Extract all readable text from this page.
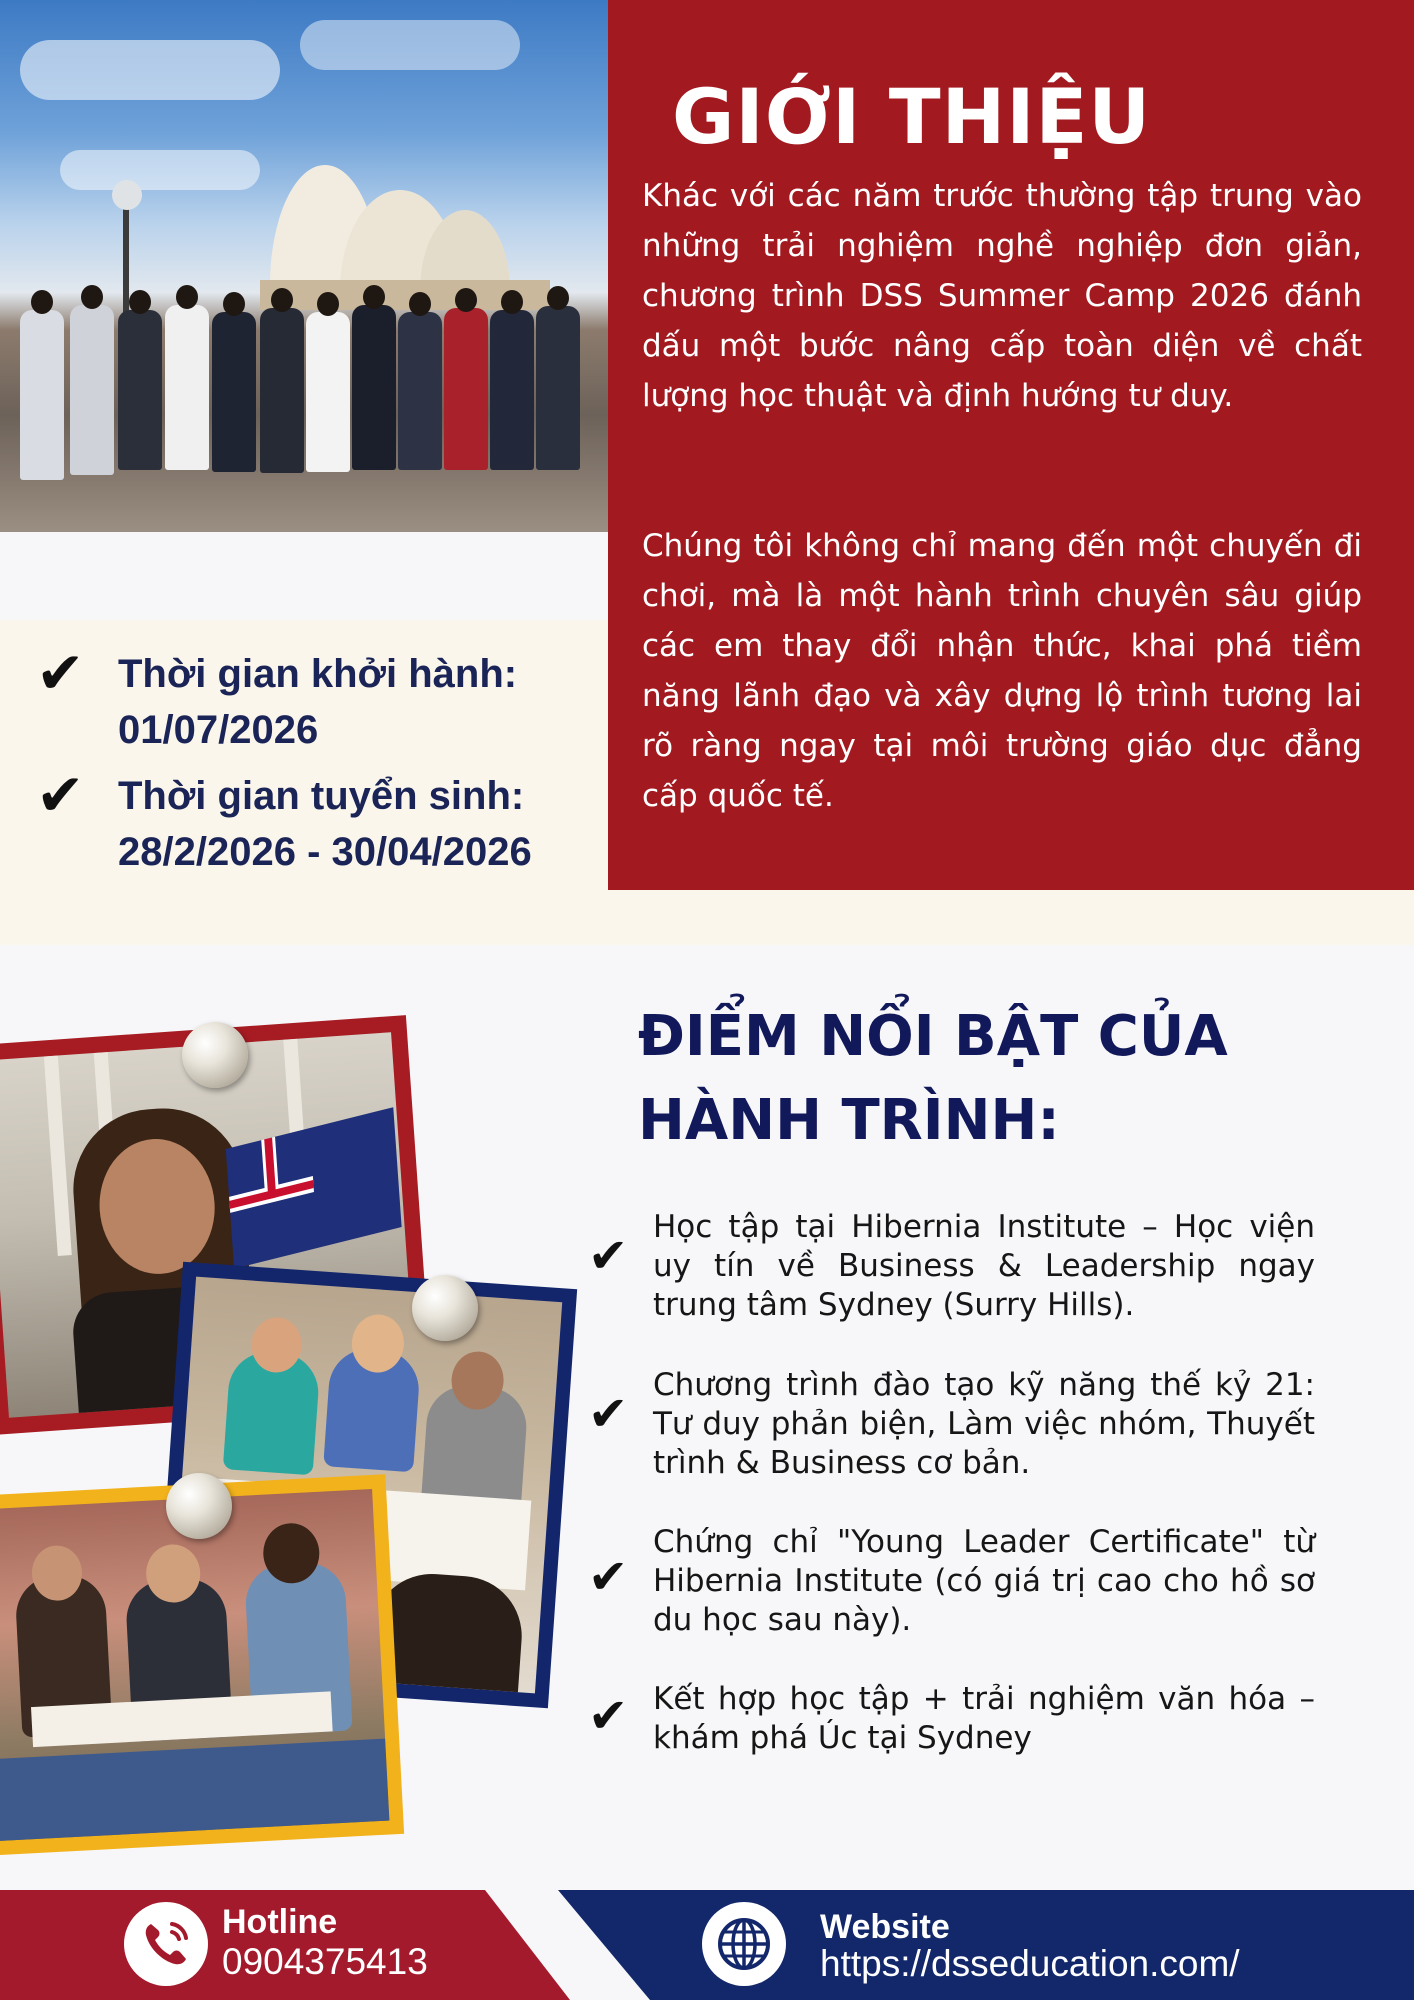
✔ Thời gian khởi hành:
01/07/2026
✔ Thời gian tuyển sinh:
28/2/2026 - 30/04/2026
GIỚI THIỆU
Khác với các năm trước thường tập trung vào những trải nghiệm nghề nghiệp đơn giản, chương trình DSS Summer Camp 2026 đánh dấu một bước nâng cấp toàn diện về chất lượng học thuật và định hướng tư duy.
Chúng tôi không chỉ mang đến một chuyến đi chơi, mà là một hành trình chuyên sâu giúp các em thay đổi nhận thức, khai phá tiềm năng lãnh đạo và xây dựng lộ trình tương lai rõ ràng ngay tại môi trường giáo dục đẳng cấp quốc tế.
ĐIỂM NỔI BẬT CỦA
HÀNH TRÌNH:
✔
Học tập tại Hibernia Institute – Học viện uy tín về Business & Leadership ngay trung tâm Sydney (Surry Hills).
✔
Chương trình đào tạo kỹ năng thế kỷ 21: Tư duy phản biện, Làm việc nhóm, Thuyết trình & Business cơ bản.
✔
Chứng chỉ "Young Leader Certificate" từ Hibernia Institute (có giá trị cao cho hồ sơ du học sau này).
✔ Kết hợp học tập + trải nghiệm văn hóa – khám phá Úc tại Sydney
Hotline
0904375413
Website
https://dsseducation.com/
